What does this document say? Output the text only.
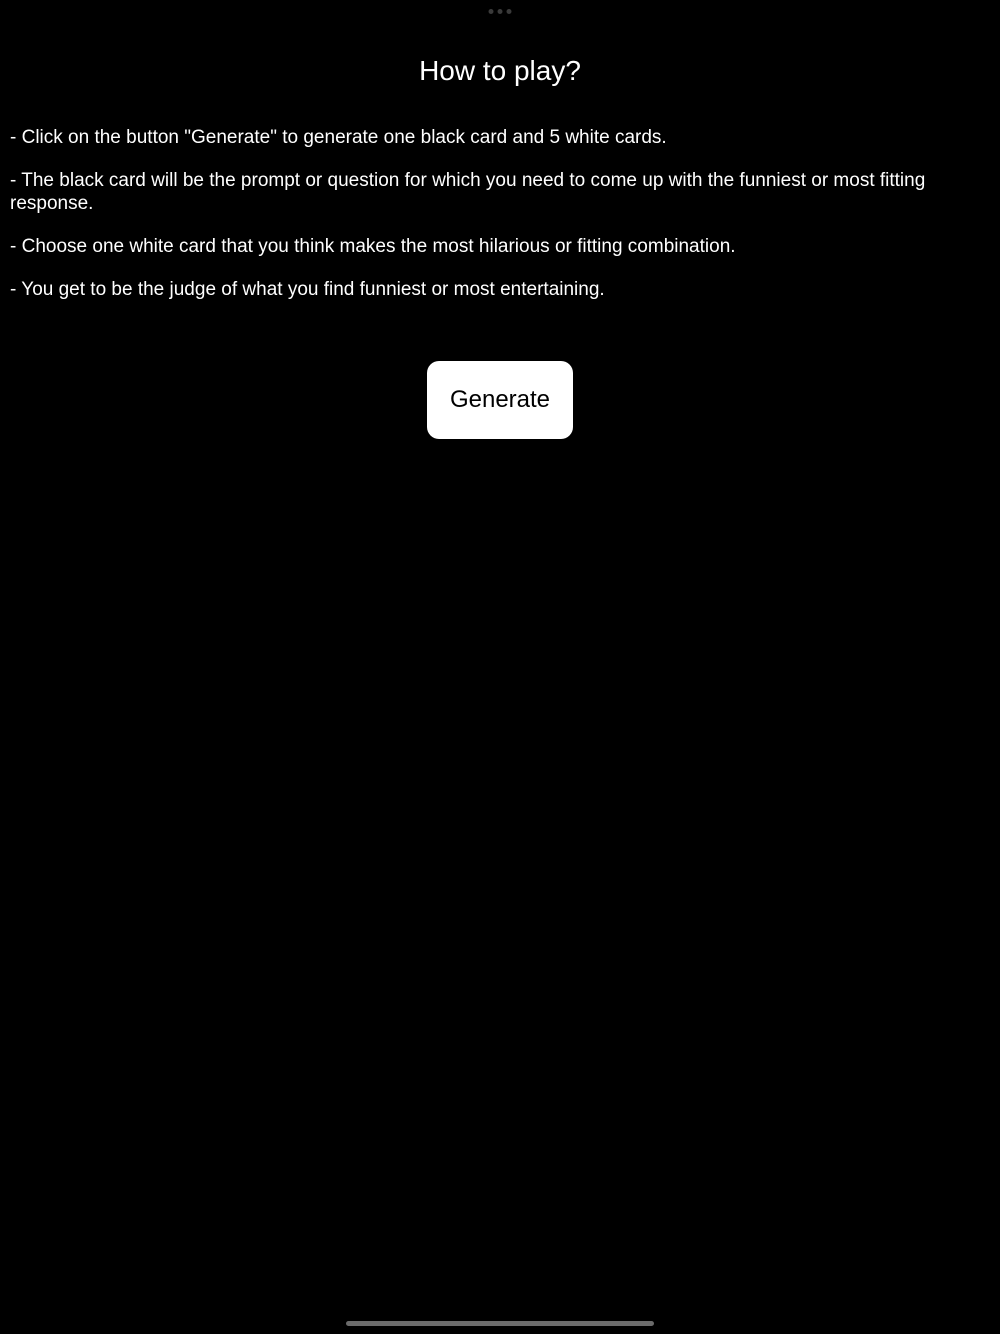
How to play?

- Click on the button "Generate" to generate one black card and 5 white cards.

- The black card will be the prompt or question for which you need to come up with the funniest or most fitting response.

- Choose one white card that you think makes the most hilarious or fitting combination.

- You get to be the judge of what you find funniest or most entertaining.

Generate
